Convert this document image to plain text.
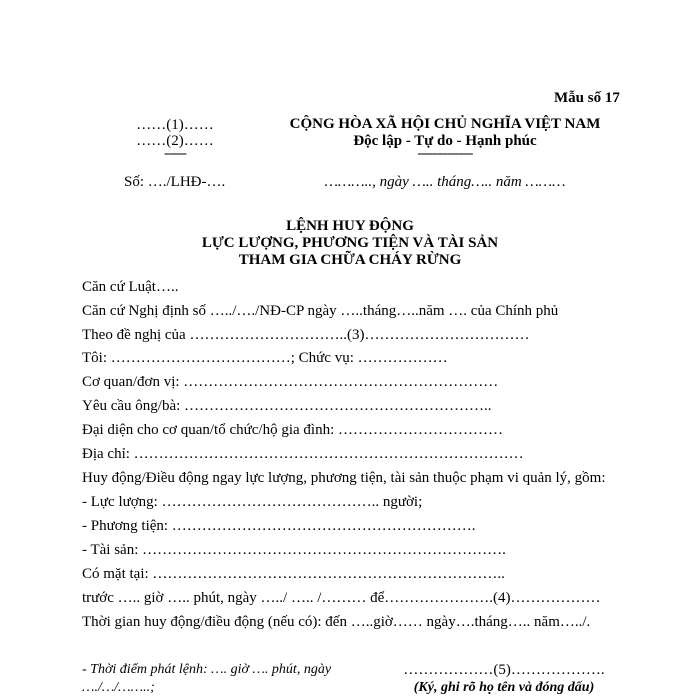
Mẫu số 17
……(1)……
……(2)……
------
Số: …./LHĐ-….
CỘNG HÒA XÃ HỘI CHỦ NGHĨA VIỆT NAM
Độc lập - Tự do - Hạnh phúc
---------------
……….., ngày ….. tháng….. năm ………
LỆNH HUY ĐỘNG
LỰC LƯỢNG, PHƯƠNG TIỆN VÀ TÀI SẢN
THAM GIA CHỮA CHÁY RỪNG
Căn cứ Luật…..
Căn cứ Nghị định số …../…./NĐ-CP ngày …..tháng…..năm …. của Chính phủ
Theo đề nghị của …………………………..(3)……………………………
Tôi: ………………………………; Chức vụ: ………………
Cơ quan/đơn vị: ………………………………………………………
Yêu cầu ông/bà: ……………………………………………………..
Đại diện cho cơ quan/tổ chức/hộ gia đình: ……………………………
Địa chỉ: ……………………………………………………………………
Huy động/Điều động ngay lực lượng, phương tiện, tài sản thuộc phạm vi quản lý, gồm:
- Lực lượng: …………………………………….. người;
- Phương tiện: …………………………………………………….
- Tài sản: ……………………………………………………………….
Có mặt tại: ……………………………………………………………..
trước ….. giờ ….. phút, ngày …../ ….. /……… để………………….(4)………………
Thời gian huy động/điều động (nếu có): đến …..giờ…… ngày….tháng….. năm…../.
- Thời điểm phát lệnh: …. giờ …. phút, ngày
…./…/……..;
………………(5)……………….
(Ký, ghi rõ họ tên và đóng dấu)
